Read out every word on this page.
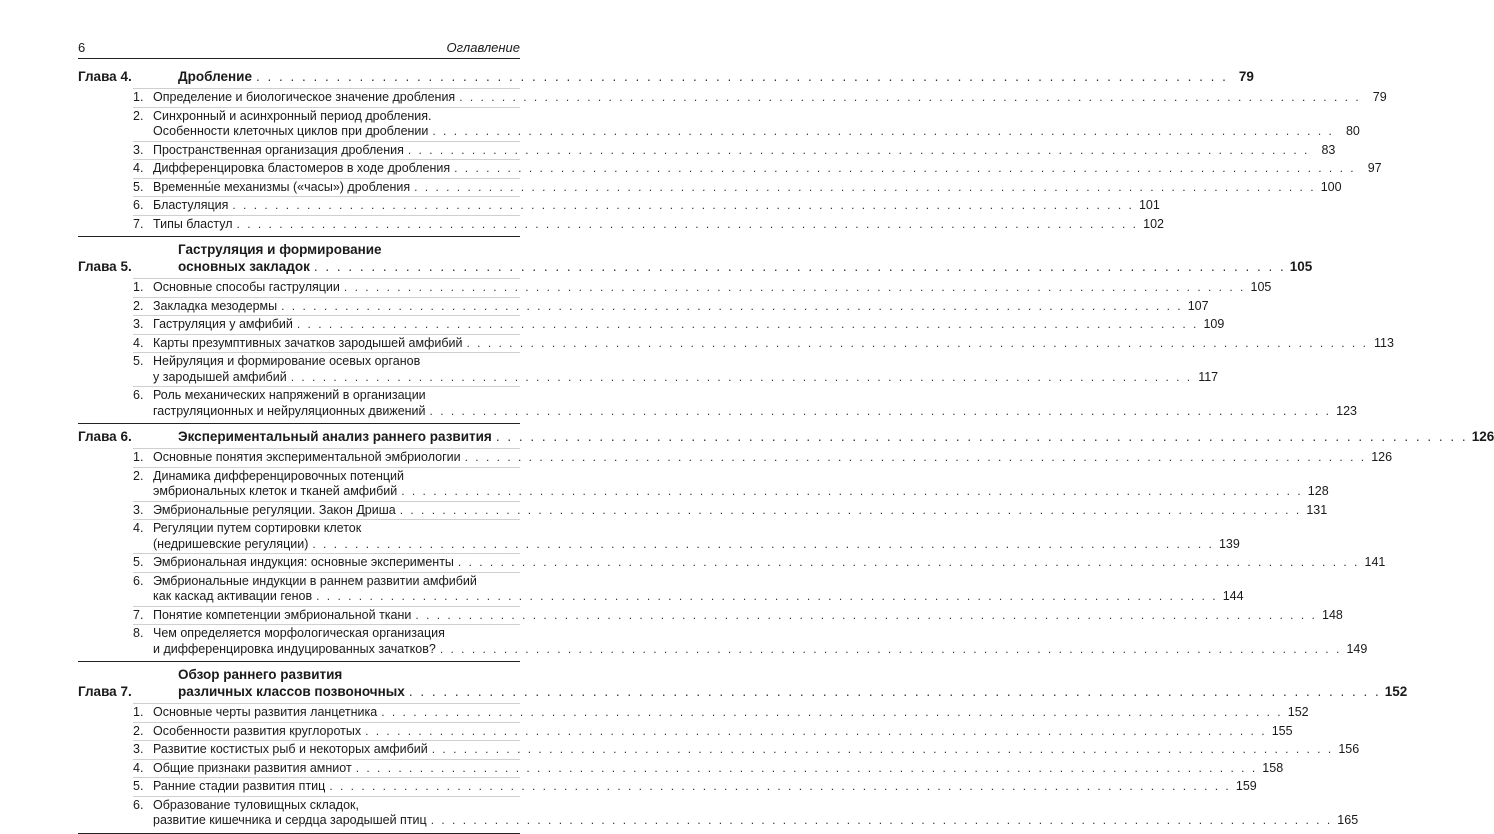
6	Оглавление
Глава 4.	Дробление . . .	79
1. Определение и биологическое значение дробления . . .	79
2. Синхронный и асинхронный период дробления.
Особенности клеточных циклов при дроблении . . .	80
3. Пространственная организация дробления . . .	83
4. Дифференцировка бластомеров в ходе дробления . . .	97
5. Временны́е механизмы («часы») дробления . . .	100
6. Бластуляция . . .	101
7. Типы бластул . . .	102
Глава 5.
Гаструляция и формирование
основных закладок . . .	105
1. Основные способы гаструляции . . .	105
2. Закладка мезодермы . . .	107
3. Гаструляция у амфибий . . .	109
4. Карты презумптивных зачатков зародышей амфибий . . .	113
5. Нейруляция и формирование осевых органов
у зародышей амфибий . . .	117
6. Роль механических напряжений в организации
гаструляционных и нейруляционных движений . . .	123
Глава 6.	Экспериментальный анализ раннего развития . . .	126
1. Основные понятия экспериментальной эмбриологии . . .	126
2. Динамика дифференцировочных потенций
эмбриональных клеток и тканей амфибий . . .	128
3. Эмбриональные регуляции. Закон Дриша . . .	131
4. Регуляции путем сортировки клеток
(недришевские регуляции) . . .	139
5. Эмбриональная индукция: основные эксперименты . . .	141
6. Эмбриональные индукции в раннем развитии амфибий
как каскад активации генов . . .	144
7. Понятие компетенции эмбриональной ткани . . .	148
8. Чем определяется морфологическая организация
и дифференцировка индуцированных зачатков? . . .	149
Глава 7.
Обзор раннего развития
различных классов позвоночных . . .	152
1. Основные черты развития ланцетника . . .	152
2. Особенности развития круглоротых . . .	155
3. Развитие костистых рыб и некоторых амфибий . . .	156
4. Общие признаки развития амниот . . .	158
5. Ранние стадии развития птиц . . .	159
6. Образование туловищных складок,
развитие кишечника и сердца зародышей птиц . . .	165
